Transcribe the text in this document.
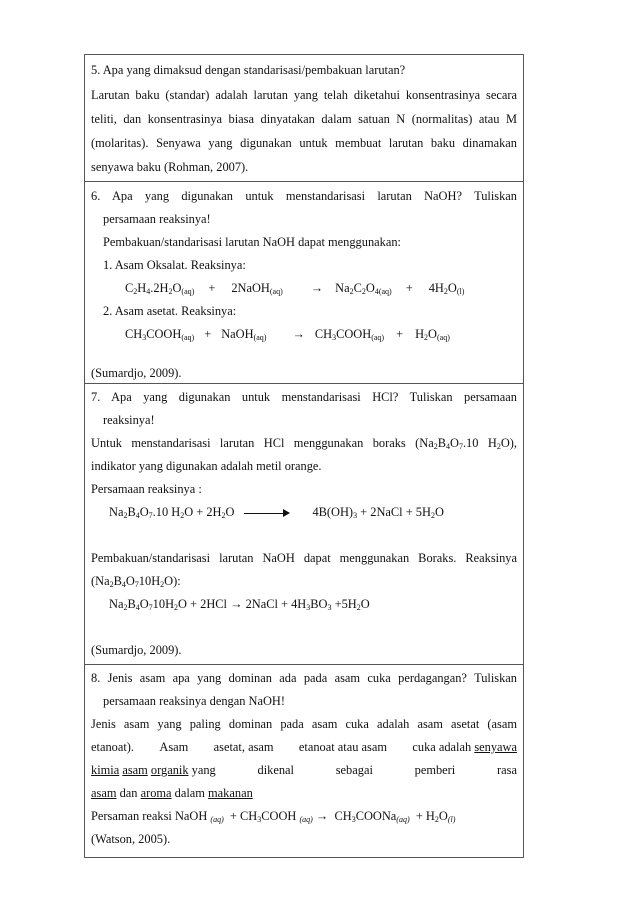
5. Apa yang dimaksud dengan standarisasi/pembakuan larutan?
Larutan baku (standar) adalah larutan yang telah diketahui konsentrasinya secara
teliti, dan konsentrasinya biasa dinyatakan dalam satuan N (normalitas) atau M
(molaritas). Senyawa yang digunakan untuk membuat larutan baku dinamakan
senyawa baku (Rohman, 2007).
6. Apa yang digunakan untuk menstandarisasi larutan NaOH? Tuliskan
persamaan reaksinya!
Pembakuan/standarisasi larutan NaOH dapat menggunakan:
1. Asam Oksalat. Reaksinya:
$C_2H_4.2H_2O_{(aq)}$ + 2NaOH$_{(aq)}$ → $Na_2C_2O_{4(aq)} + 4H_2O_{(l)}$
2. Asam asetat. Reaksinya:
$CH_3COOH_{(aq)}$ + NaOH$_{(aq)}$ → $CH_3COOH_{(aq)} + H_2O_{(aq)}$
(Sumardjo, 2009).
7. Apa yang digunakan untuk menstandarisasi HCl? Tuliskan persamaan
reaksinya!
Untuk menstandarisasi larutan HCl menggunakan boraks ($Na_2B_4O_7.10$ $H_2O$),
indikator yang digunakan adalah metil orange.
Persamaan reaksinya :
$Na_2B_4O_7.10$ $H_2O + 2H_2O$	$4B(OH)_3$ + 2NaCl + $5H_2O$
Pembakuan/standarisasi larutan NaOH dapat menggunakan Boraks. Reaksinya
$(Na_2B_4O_710H_2O)$:
$Na_2B_4O_710H_2O + 2HCl$ → 2NaCl + $4H_3BO_3 +5H_2O$
(Sumardjo, 2009).
8. Jenis asam apa yang dominan ada pada asam cuka perdagangan? Tuliskan
persamaan reaksinya dengan NaOH!
Jenis asam yang paling dominan pada asam cuka adalah asam asetat (asam
etanoat). Asam asetat, asam etanoat atau asam cuka adalah senyawa
kimia asam organik yang	dikenal	sebagai	pemberi	rasa
asam dan aroma dalam makanan
Persaman reaksi NaOH $_{(aq)} + CH_3COOH$ $_{(aq)} \to CH_3COONa_{(aq)} + H_2O_{(l)}$
(Watson, 2005).
